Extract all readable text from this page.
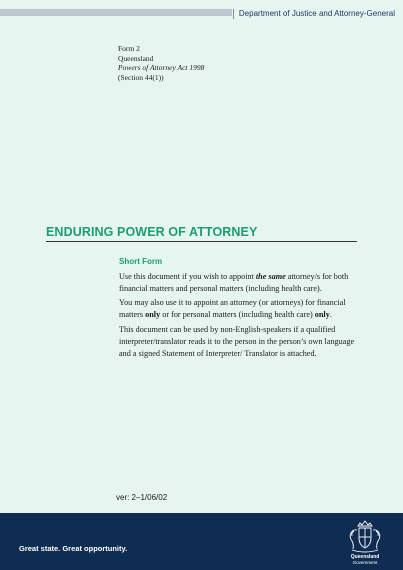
Department of Justice and Attorney-General
Form 2
Queensland
Powers of Attorney Act 1998
(Section 44(1))
ENDURING POWER OF ATTORNEY
Short Form

Use this document if you wish to appoint the same attorney/s for both financial matters and personal matters (including health care).

You may also use it to appoint an attorney (or attorneys) for financial matters only or for personal matters (including health care) only.

This document can be used by non-English-speakers if a qualified interpreter/translator reads it to the person in the person’s own language and a signed Statement of Interpreter/ Translator is attached.

ver: 2–1/06/02
Great state. Great opportunity.
Queensland
Government
